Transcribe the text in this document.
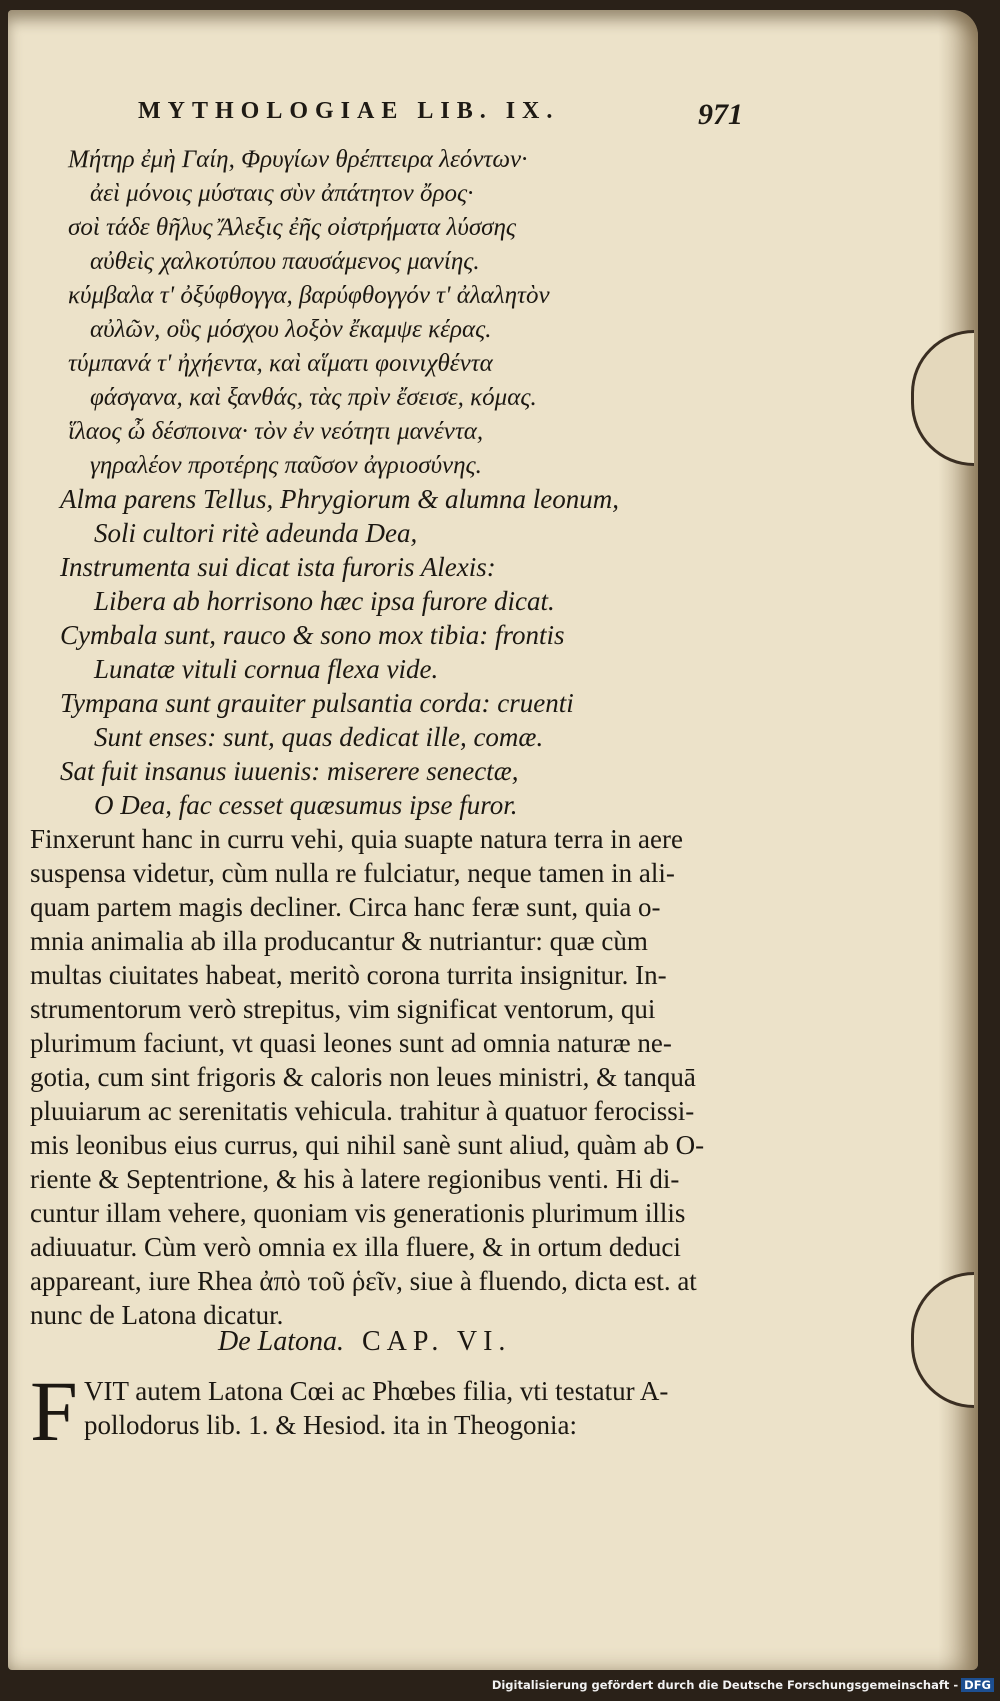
MYTHOLOGIAE LIB. IX.	971
Μήτηρ ἐμὴ Γαίη, Φρυγίων θρέπτειρα λεόντων·
ἀεὶ μόνοις μύσταις σὺν ἀπάτητον ὄρος·
σοὶ τάδε θῆλυς Ἄλεξις ἐῆς οἰστρήματα λύσσης
αὐθεὶς χαλκοτύπου παυσάμενος μανίης.
κύμβαλα τ' ὀξύφθογγα, βαρύφθογγόν τ' ἀλαλητὸν
αὐλῶν, οὓς μόσχου λοξὸν ἔκαμψε κέρας.
τύμπανά τ' ἠχήεντα, καὶ αἵματι φοινιχθέντα
φάσγανα, καὶ ξανθάς, τὰς πρὶν ἔσεισε, κόμας.
ἵλαος ὦ δέσποινα· τὸν ἐν νεότητι μανέντα,
γηραλέον προτέρης παῦσον ἀγριοσύνης.
Alma parens Tellus, Phrygiorum & alumna leonum,
Soli cultori ritè adeunda Dea,
Instrumenta sui dicat ista furoris Alexis:
Libera ab horrisono hæc ipsa furore dicat.
Cymbala sunt, rauco & sono mox tibia: frontis
Lunatæ vituli cornua flexa vide.
Tympana sunt grauiter pulsantia corda: cruenti
Sunt enses: sunt, quas dedicat ille, comæ.
Sat fuit insanus iuuenis: miserere senectæ,
O Dea, fac cesset quæsumus ipse furor.
Finxerunt hanc in curru vehi, quia suapte natura terra in aere
suspensa videtur, cùm nulla re fulciatur, neque tamen in ali-
quam partem magis decliner. Circa hanc feræ sunt, quia o-
mnia animalia ab illa producantur & nutriantur: quæ cùm
multas ciuitates habeat, meritò corona turrita insignitur. In-
strumentorum verò strepitus, vim significat ventorum, qui
plurimum faciunt, vt quasi leones sunt ad omnia naturæ ne-
gotia, cum sint frigoris & caloris non leues ministri, & tanquā
pluuiarum ac serenitatis vehicula. trahitur à quatuor ferocissi-
mis leonibus eius currus, qui nihil sanè sunt aliud, quàm ab O-
riente & Septentrione, & his à latere regionibus venti. Hi di-
cuntur illam vehere, quoniam vis generationis plurimum illis
adiuuatur. Cùm verò omnia ex illa fluere, & in ortum deduci
appareant, iure Rhea ἀπὸ τοῦ ῥεῖν, siue à fluendo, dicta est. at
nunc de Latona dicatur.
De Latona. CAP. VI.
F VIT autem Latona Cœi ac Phœbes filia, vti testatur A-
pollodorus lib. 1. & Hesiod. ita in Theogonia:
Digitalisierung gefördert durch die Deutsche Forschungsgemeinschaft - DFG
